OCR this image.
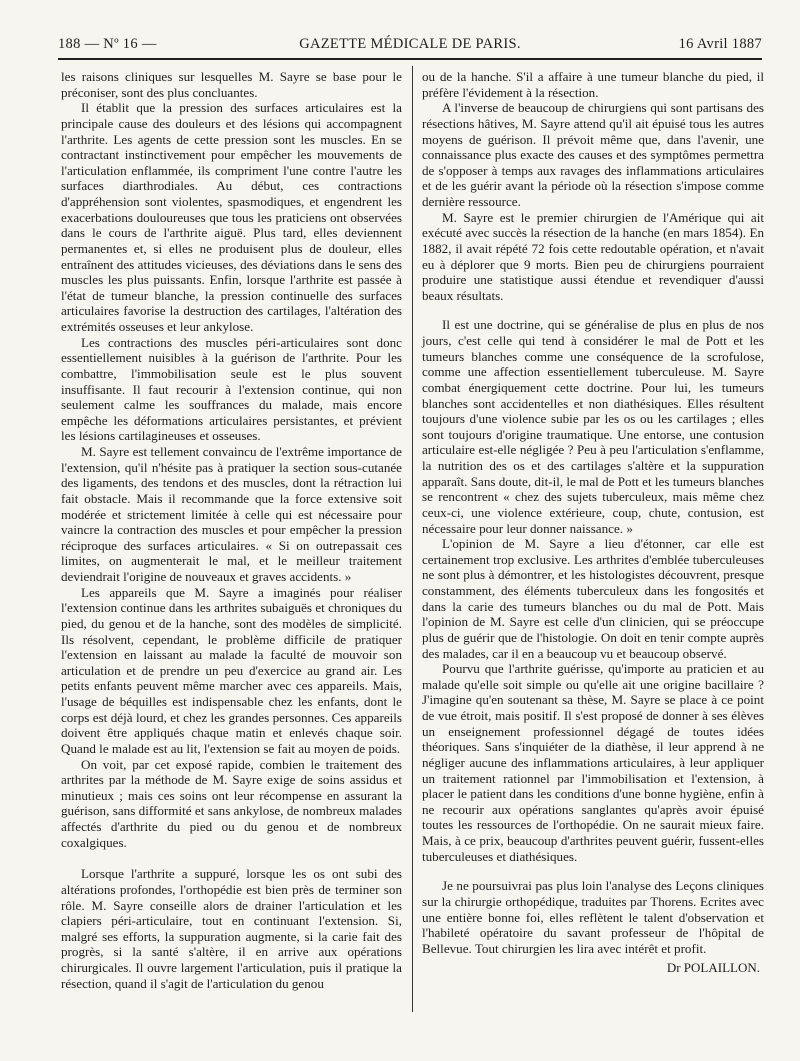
188 — Nº 16 —	GAZETTE MÉDICALE DE PARIS.	16 Avril 1887

les raisons cliniques sur lesquelles M. Sayre se base pour le préconiser, sont des plus concluantes.

Il établit que la pression des surfaces articulaires est la principale cause des douleurs et des lésions qui accompagnent l'arthrite. Les agents de cette pression sont les muscles. En se contractant instinctivement pour empêcher les mouvements de l'articulation enflammée, ils compriment l'une contre l'autre les surfaces diarthrodiales. Au début, ces contractions d'appréhension sont violentes, spasmodiques, et engendrent les exacerbations douloureuses que tous les praticiens ont observées dans le cours de l'arthrite aiguë. Plus tard, elles deviennent permanentes et, si elles ne produisent plus de douleur, elles entraînent des attitudes vicieuses, des déviations dans le sens des muscles les plus puissants. Enfin, lorsque l'arthrite est passée à l'état de tumeur blanche, la pression continuelle des surfaces articulaires favorise la destruction des cartilages, l'altération des extrémités osseuses et leur ankylose.

Les contractions des muscles péri-articulaires sont donc essentiellement nuisibles à la guérison de l'arthrite. Pour les combattre, l'immobilisation seule est le plus souvent insuffisante. Il faut recourir à l'extension continue, qui non seulement calme les souffrances du malade, mais encore empêche les déformations articulaires persistantes, et prévient les lésions cartilagineuses et osseuses.

M. Sayre est tellement convaincu de l'extrême importance de l'extension, qu'il n'hésite pas à pratiquer la section sous-cutanée des ligaments, des tendons et des muscles, dont la rétraction lui fait obstacle. Mais il recommande que la force extensive soit modérée et strictement limitée à celle qui est nécessaire pour vaincre la contraction des muscles et pour empêcher la pression réciproque des surfaces articulaires. « Si on outrepassait ces limites, on augmenterait le mal, et le meilleur traitement deviendrait l'origine de nouveaux et graves accidents. »

Les appareils que M. Sayre a imaginés pour réaliser l'extension continue dans les arthrites subaiguës et chroniques du pied, du genou et de la hanche, sont des modèles de simplicité. Ils résolvent, cependant, le problème difficile de pratiquer l'extension en laissant au malade la faculté de mouvoir son articulation et de prendre un peu d'exercice au grand air. Les petits enfants peuvent même marcher avec ces appareils. Mais, l'usage de béquilles est indispensable chez les enfants, dont le corps est déjà lourd, et chez les grandes personnes. Ces appareils doivent être appliqués chaque matin et enlevés chaque soir. Quand le malade est au lit, l'extension se fait au moyen de poids.

On voit, par cet exposé rapide, combien le traitement des arthrites par la méthode de M. Sayre exige de soins assidus et minutieux ; mais ces soins ont leur récompense en assurant la guérison, sans difformité et sans ankylose, de nombreux malades affectés d'arthrite du pied ou du genou et de nombreux coxalgiques.

Lorsque l'arthrite a suppuré, lorsque les os ont subi des altérations profondes, l'orthopédie est bien près de terminer son rôle. M. Sayre conseille alors de drainer l'articulation et les clapiers péri-articulaire, tout en continuant l'extension. Si, malgré ses efforts, la suppuration augmente, si la carie fait des progrès, si la santé s'altère, il en arrive aux opérations chirurgicales. Il ouvre largement l'articulation, puis il pratique la résection, quand il s'agit de l'articulation du genou

ou de la hanche. S'il a affaire à une tumeur blanche du pied, il préfère l'évidement à la résection.

A l'inverse de beaucoup de chirurgiens qui sont partisans des résections hâtives, M. Sayre attend qu'il ait épuisé tous les autres moyens de guérison. Il prévoit même que, dans l'avenir, une connaissance plus exacte des causes et des symptômes permettra de s'opposer à temps aux ravages des inflammations articulaires et de les guérir avant la période où la résection s'impose comme dernière ressource.

M. Sayre est le premier chirurgien de l'Amérique qui ait exécuté avec succès la résection de la hanche (en mars 1854). En 1882, il avait répété 72 fois cette redoutable opération, et n'avait eu à déplorer que 9 morts. Bien peu de chirurgiens pourraient produire une statistique aussi étendue et revendiquer d'aussi beaux résultats.

Il est une doctrine, qui se généralise de plus en plus de nos jours, c'est celle qui tend à considérer le mal de Pott et les tumeurs blanches comme une conséquence de la scrofulose, comme une affection essentiellement tuberculeuse. M. Sayre combat énergiquement cette doctrine. Pour lui, les tumeurs blanches sont accidentelles et non diathésiques. Elles résultent toujours d'une violence subie par les os ou les cartilages ; elles sont toujours d'origine traumatique. Une entorse, une contusion articulaire est-elle négligée ? Peu à peu l'articulation s'enflamme, la nutrition des os et des cartilages s'altère et la suppuration apparaît. Sans doute, dit-il, le mal de Pott et les tumeurs blanches se rencontrent « chez des sujets tuberculeux, mais même chez ceux-ci, une violence extérieure, coup, chute, contusion, est nécessaire pour leur donner naissance. »

L'opinion de M. Sayre a lieu d'étonner, car elle est certainement trop exclusive. Les arthrites d'emblée tuberculeuses ne sont plus à démontrer, et les histologistes découvrent, presque constamment, des éléments tuberculeux dans les fongosités et dans la carie des tumeurs blanches ou du mal de Pott. Mais l'opinion de M. Sayre est celle d'un clinicien, qui se préoccupe plus de guérir que de l'histologie. On doit en tenir compte auprès des malades, car il en a beaucoup vu et beaucoup observé.

Pourvu que l'arthrite guérisse, qu'importe au praticien et au malade qu'elle soit simple ou qu'elle ait une origine bacillaire ? J'imagine qu'en soutenant sa thèse, M. Sayre se place à ce point de vue étroit, mais positif. Il s'est proposé de donner à ses élèves un enseignement professionnel dégagé de toutes idées théoriques. Sans s'inquiéter de la diathèse, il leur apprend à ne négliger aucune des inflammations articulaires, à leur appliquer un traitement rationnel par l'immobilisation et l'extension, à placer le patient dans les conditions d'une bonne hygiène, enfin à ne recourir aux opérations sanglantes qu'après avoir épuisé toutes les ressources de l'orthopédie. On ne saurait mieux faire. Mais, à ce prix, beaucoup d'arthrites peuvent guérir, fussent-elles tuberculeuses et diathésiques.

Je ne poursuivrai pas plus loin l'analyse des Leçons cliniques sur la chirurgie orthopédique, traduites par Thorens. Ecrites avec une entière bonne foi, elles reflètent le talent d'observation et l'habileté opératoire du savant professeur de l'hôpital de Bellevue. Tout chirurgien les lira avec intérêt et profit.

Dr POLAILLON.
